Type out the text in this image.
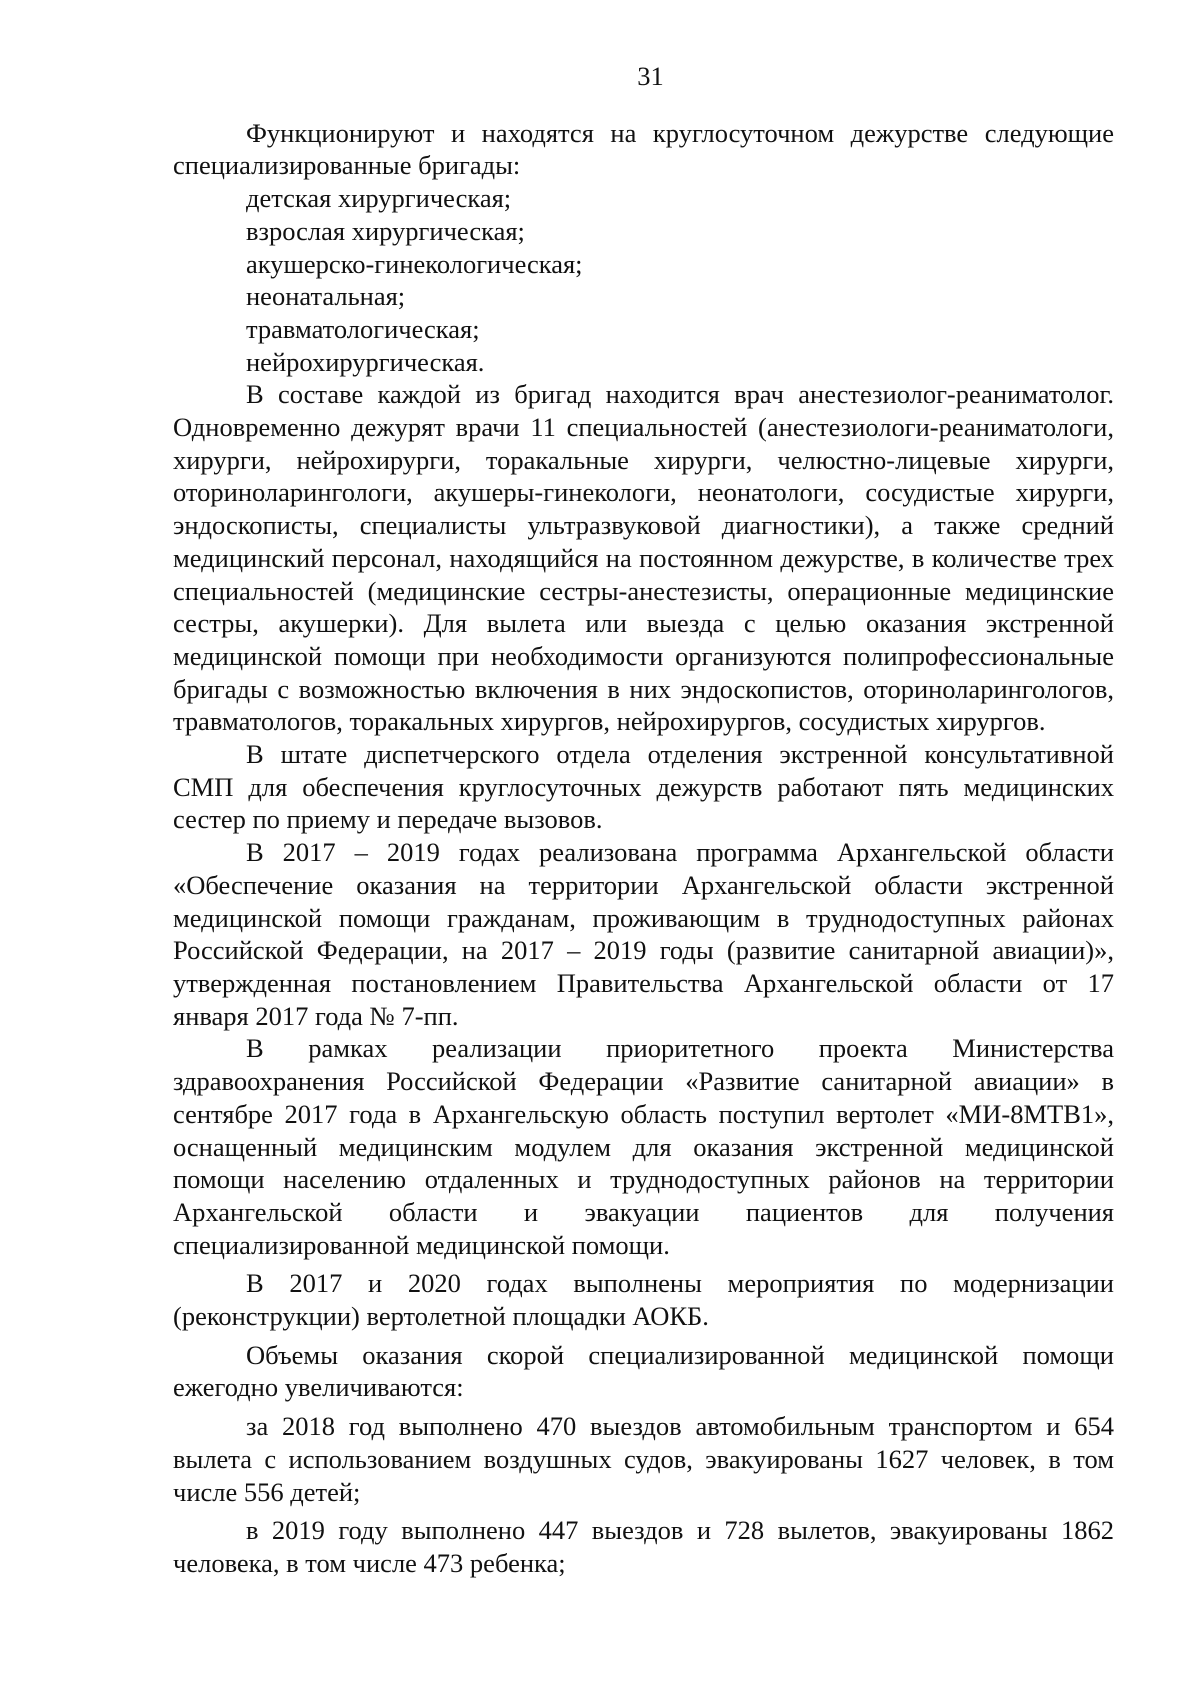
31

Функционируют и находятся на круглосуточном дежурстве следующие специализированные бригады:

детская хирургическая;
взрослая хирургическая;
акушерско-гинекологическая;
неонатальная;
травматологическая;
нейрохирургическая.

В составе каждой из бригад находится врач анестезиолог-реаниматолог. Одновременно дежурят врачи 11 специальностей (анестезиологи-реаниматологи, хирурги, нейрохирурги, торакальные хирурги, челюстно-лицевые хирурги, оториноларингологи, акушеры-гинекологи, неонатологи, сосудистые хирурги, эндоскописты, специалисты ультразвуковой диагностики), а также средний медицинский персонал, находящийся на постоянном дежурстве, в количестве трех специальностей (медицинские сестры-анестезисты, операционные медицинские сестры, акушерки). Для вылета или выезда с целью оказания экстренной медицинской помощи при необходимости организуются полипрофессиональные бригады с возможностью включения в них эндоскопистов, оториноларингологов, травматологов, торакальных хирургов, нейрохирургов, сосудистых хирургов.

В штате диспетчерского отдела отделения экстренной консультативной СМП для обеспечения круглосуточных дежурств работают пять медицинских сестер по приему и передаче вызовов.

В 2017 – 2019 годах реализована программа Архангельской области «Обеспечение оказания на территории Архангельской области экстренной медицинской помощи гражданам, проживающим в труднодоступных районах Российской Федерации, на 2017 – 2019 годы (развитие санитарной авиации)», утвержденная постановлением Правительства Архангельской области от 17 января 2017 года № 7-пп.

В рамках реализации приоритетного проекта Министерства здравоохранения Российской Федерации «Развитие санитарной авиации» в сентябре 2017 года в Архангельскую область поступил вертолет «МИ-8МТВ1», оснащенный медицинским модулем для оказания экстренной медицинской помощи населению отдаленных и труднодоступных районов на территории Архангельской области и эвакуации пациентов для получения специализированной медицинской помощи.

В 2017 и 2020 годах выполнены мероприятия по модернизации (реконструкции) вертолетной площадки АОКБ.

Объемы оказания скорой специализированной медицинской помощи ежегодно увеличиваются:

за 2018 год выполнено 470 выездов автомобильным транспортом и 654 вылета с использованием воздушных судов, эвакуированы 1627 человек, в том числе 556 детей;

в 2019 году выполнено 447 выездов и 728 вылетов, эвакуированы 1862 человека, в том числе 473 ребенка;
